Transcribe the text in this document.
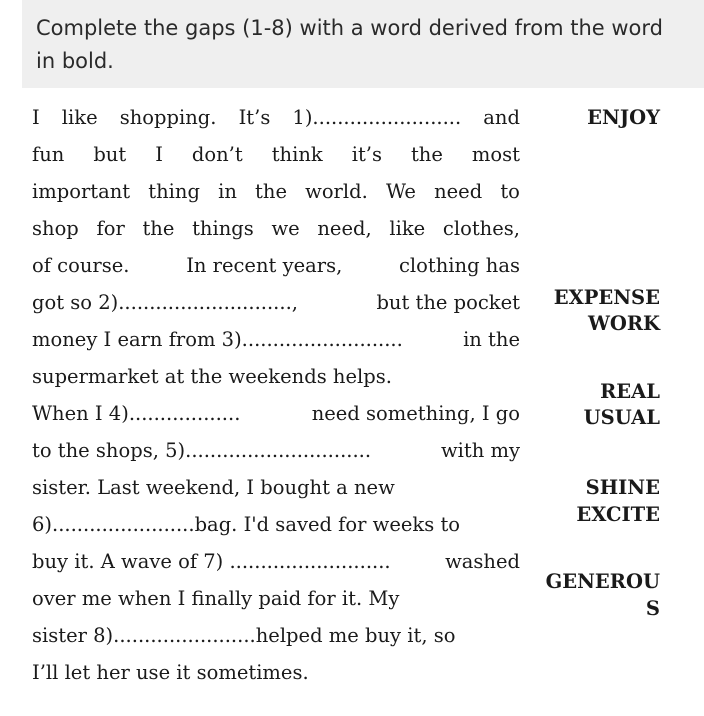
Complete the gaps (1-8) with a word derived from the word in bold.

I like shopping. It’s 1)........................ and
fun but I don’t think it’s the most
important thing in the world. We need to
shop for the things we need, like clothes,
of course.	In recent years,	clothing has
got so 2)............................,	but the pocket
money I earn from 3)..........................	in the
supermarket at the weekends helps.
When I 4)..................	need something, I go
to the shops, 5)..............................	with my
sister. Last weekend, I bought a new
6).......................bag. I'd saved for weeks to
buy it. A wave of 7) ..........................	washed
over me when I finally paid for it. My
sister 8).......................helped me buy it, so
I’ll let her use it sometimes.
ENJOY
EXPENSE
WORK
REAL
USUAL
SHINE
EXCITE
GENEROU
S
